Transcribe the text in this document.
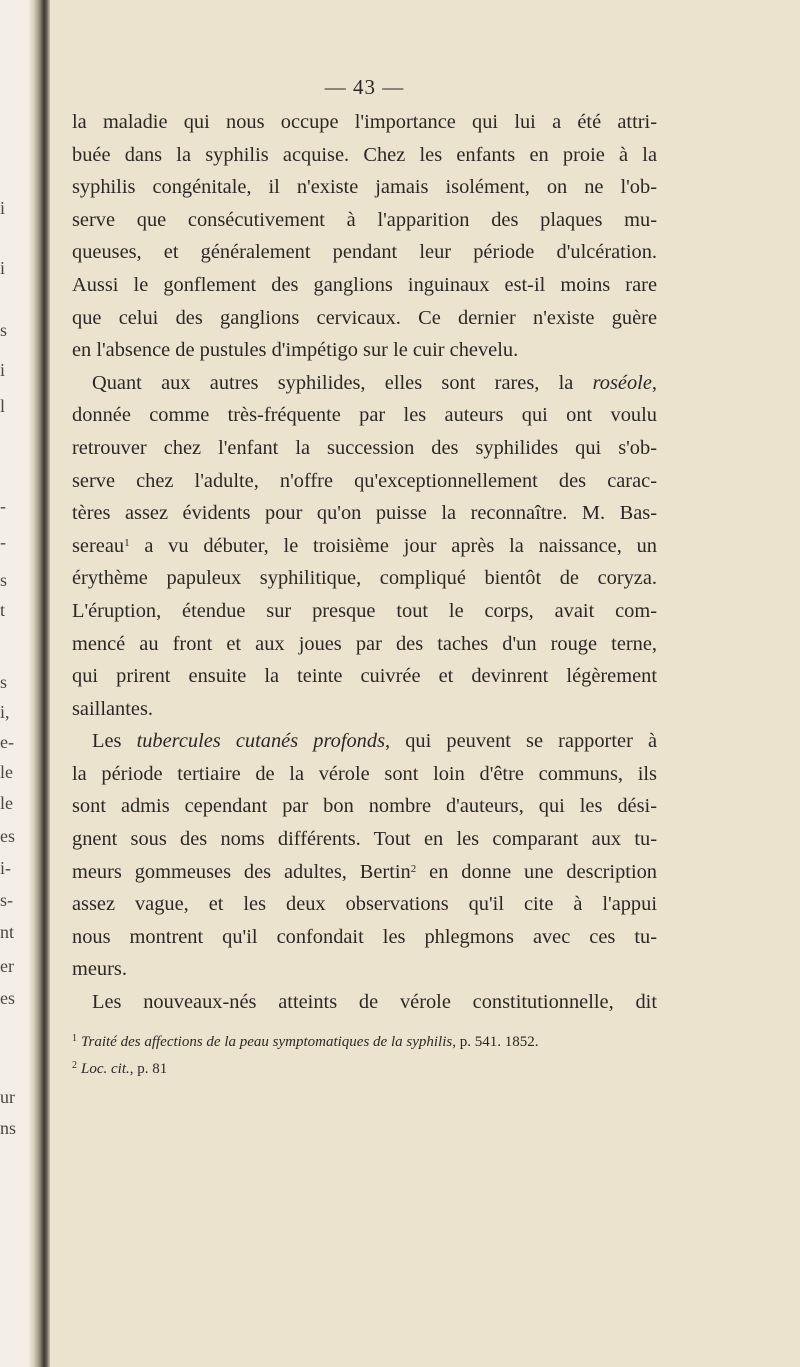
i
i
s
i
l
-
-
s
t
s
i,
e-
le
le
es
i-
s-
nt
er
es
ur
ns
— 43 —

la maladie qui nous occupe l'importance qui lui a été attri-
buée dans la syphilis acquise. Chez les enfants en proie à la
syphilis congénitale, il n'existe jamais isolément, on ne l'ob-
serve que consécutivement à l'apparition des plaques mu-
queuses, et généralement pendant leur période d'ulcération.
Aussi le gonflement des ganglions inguinaux est-il moins rare
que celui des ganglions cervicaux. Ce dernier n'existe guère
en l'absence de pustules d'impétigo sur le cuir chevelu.

Quant aux autres syphilides, elles sont rares, la roséole,
donnée comme très-fréquente par les auteurs qui ont voulu
retrouver chez l'enfant la succession des syphilides qui s'ob-
serve chez l'adulte, n'offre qu'exceptionnellement des carac-
tères assez évidents pour qu'on puisse la reconnaître. M. Bas-
sereau$^1$ a vu débuter, le troisième jour après la naissance, un
érythème papuleux syphilitique, compliqué bientôt de coryza.
L'éruption, étendue sur presque tout le corps, avait com-
mencé au front et aux joues par des taches d'un rouge terne,
qui prirent ensuite la teinte cuivrée et devinrent légèrement
saillantes.

Les tubercules cutanés profonds, qui peuvent se rapporter à
la période tertiaire de la vérole sont loin d'être communs, ils
sont admis cependant par bon nombre d'auteurs, qui les dési-
gnent sous des noms différents. Tout en les comparant aux tu-
meurs gommeuses des adultes, Bertin$^2$ en donne une description
assez vague, et les deux observations qu'il cite à l'appui
nous montrent qu'il confondait les phlegmons avec ces tu-
meurs.

Les nouveaux-nés atteints de vérole constitutionnelle, dit

$^1$ Traité des affections de la peau symptomatiques de la syphilis, p. 541. 1852.
$^2$ Loc. cit., p. 81
